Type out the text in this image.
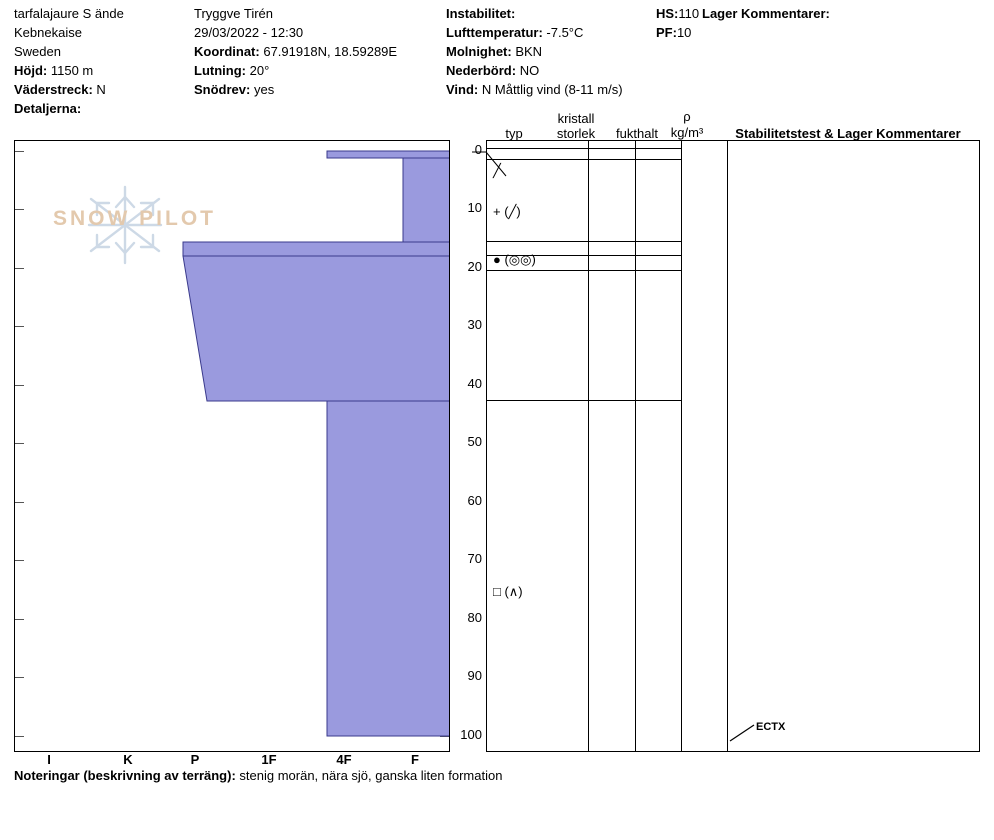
tarfalajaure S ände
Kebnekaise
Sweden
Höjd: 1150 m
Väderstreck: N
Detaljerna:
Tryggve Tirén
29/03/2022 - 12:30
Koordinat: 67.91918N, 18.59289E
Lutning: 20°
Snödrev: yes
Instabilitet:
Lufttemperatur: -7.5°C
Molnighet: BKN
Nederbörd: NO
Vind: N Måttlig vind (8-11 m/s)
HS:110
PF:10
Lager Kommentarer:
typ
kristall
storlek	fukthalt
ρ
kg/m³	Stabilitetstest & Lager Kommentarer
SNOW PILOT
0
10
20
30
40
50
60
70
80
90
100
╱
+ (╱)
● (◎◎)
□ (∧)
ECTX
I	K	P	1F	4F	F
Noteringar (beskrivning av terräng): stenig morän, nära sjö, ganska liten formation
